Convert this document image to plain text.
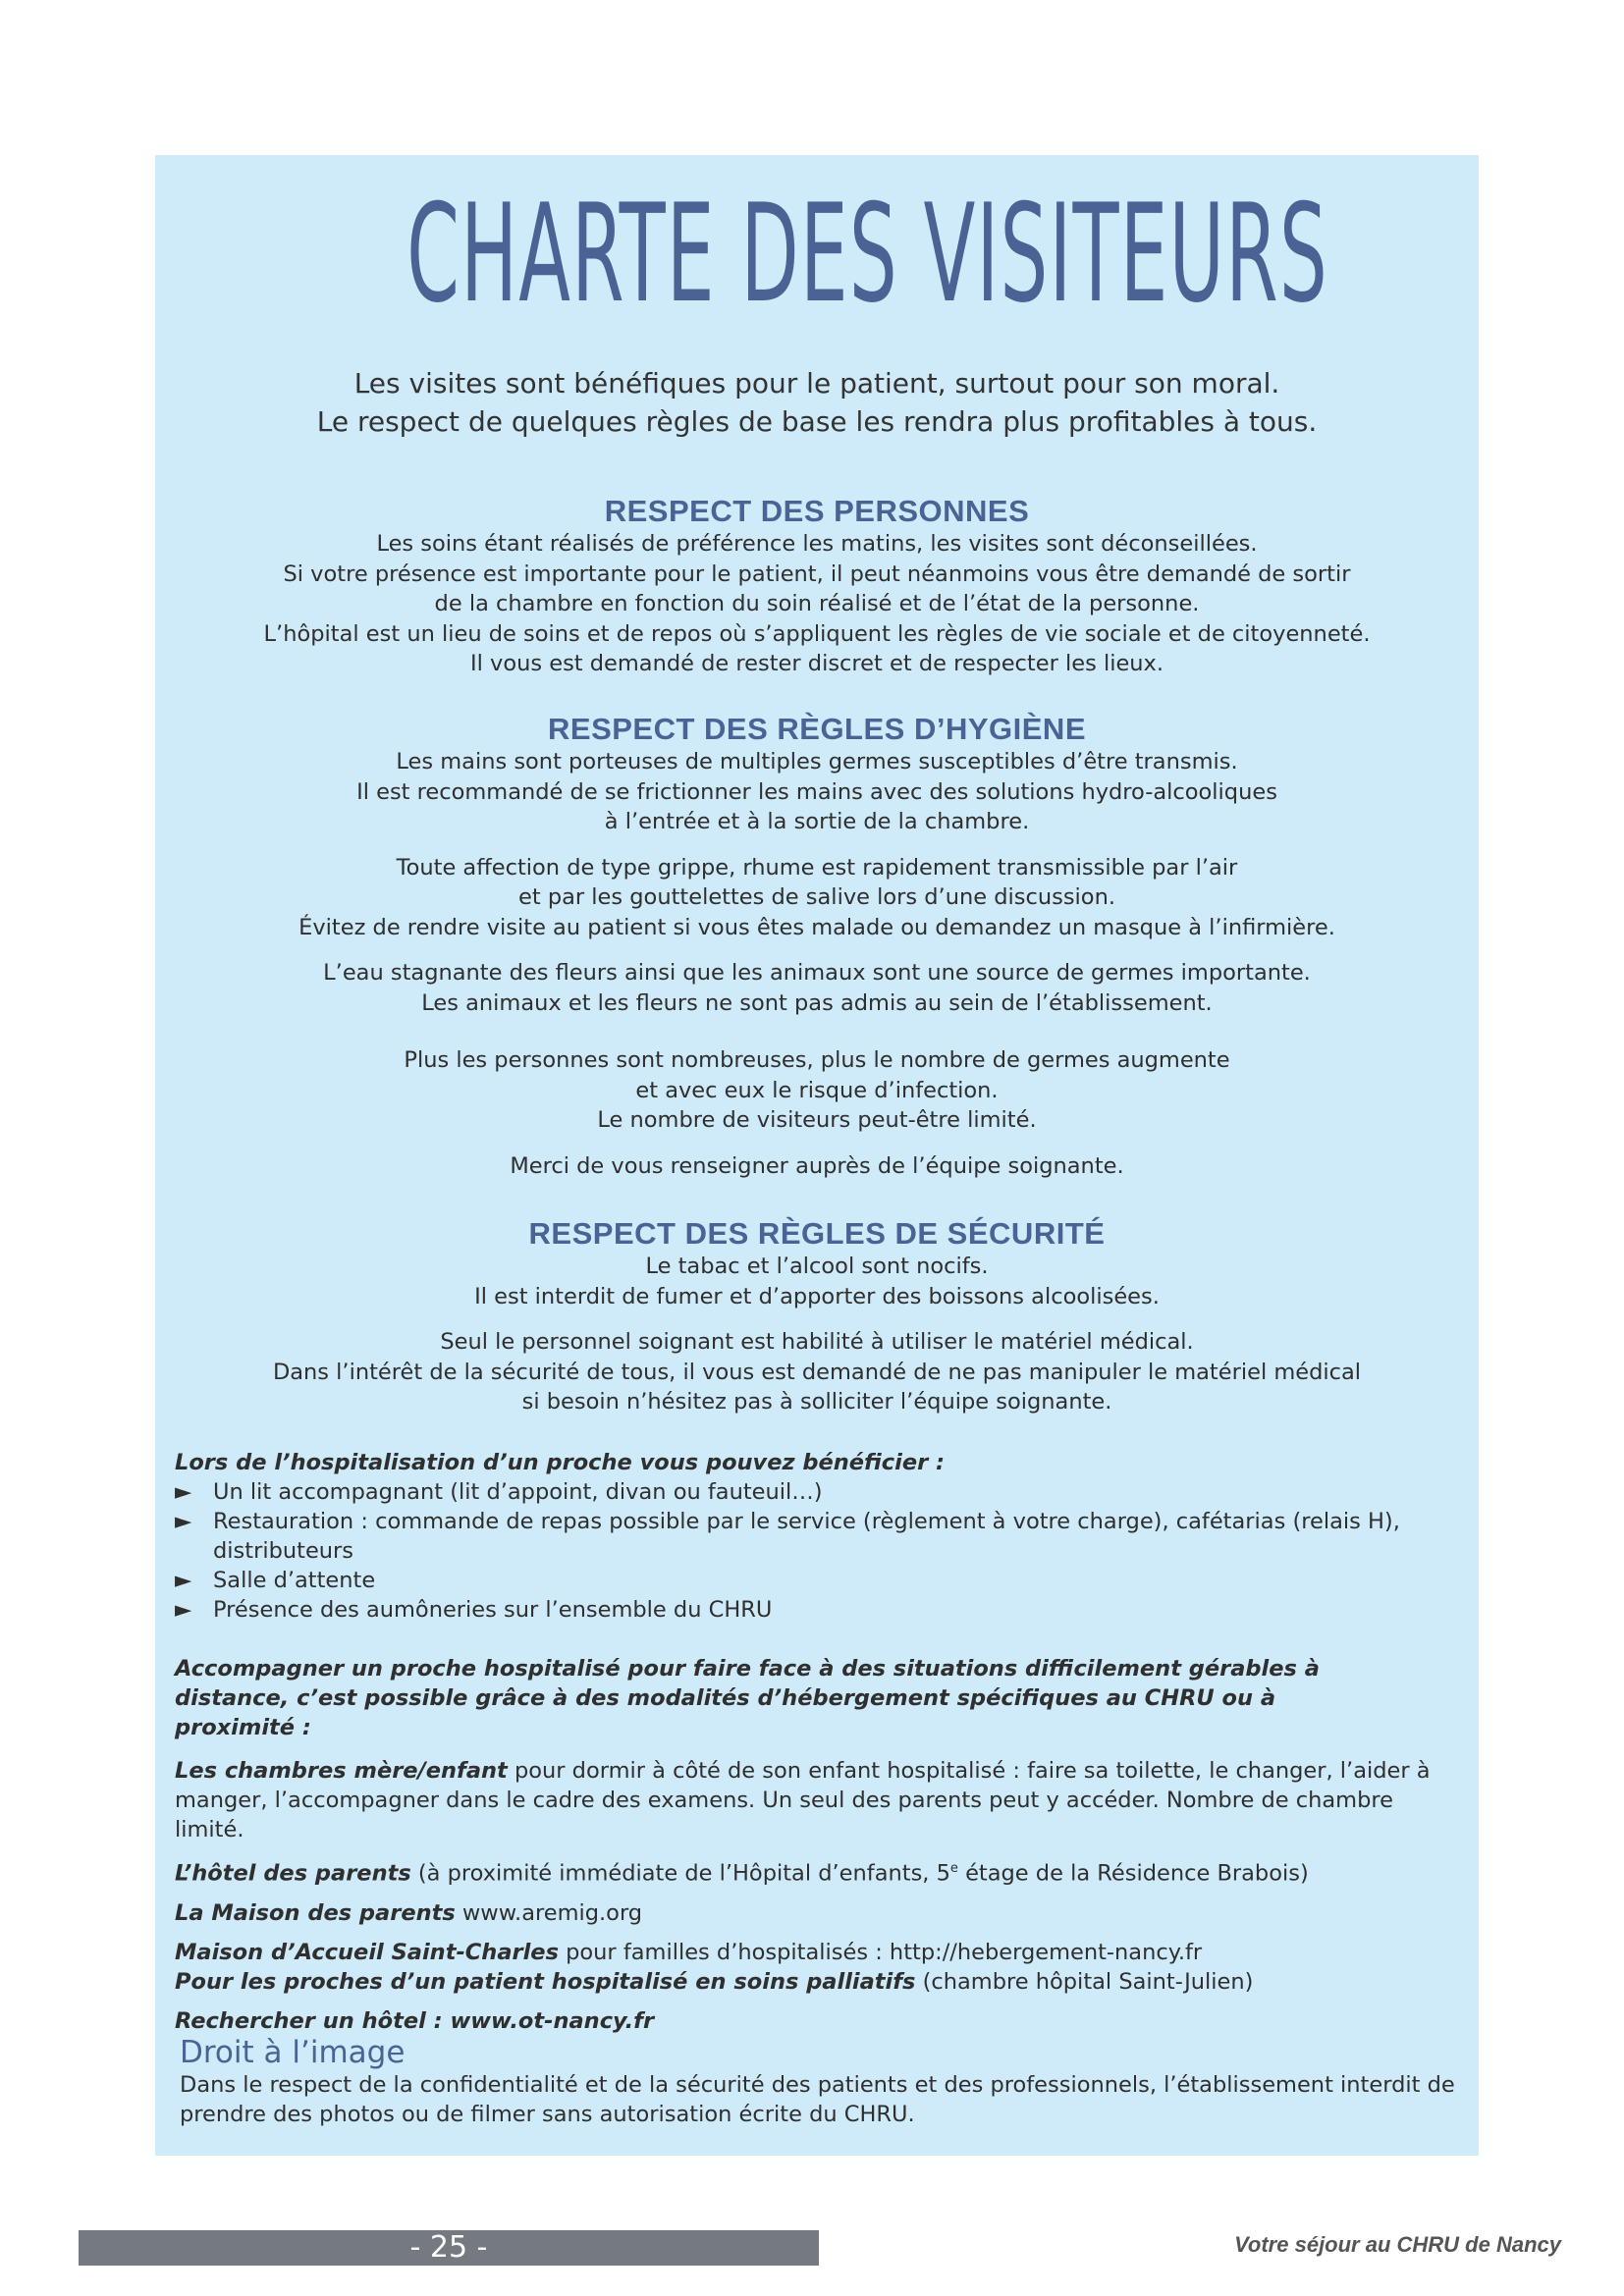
CHARTE DES VISITEURS
Les visites sont bénéfiques pour le patient, surtout pour son moral.
Le respect de quelques règles de base les rendra plus profitables à tous.
RESPECT DES PERSONNES
Les soins étant réalisés de préférence les matins, les visites sont déconseillées.
Si votre présence est importante pour le patient, il peut néanmoins vous être demandé de sortir
de la chambre en fonction du soin réalisé et de l’état de la personne.
L’hôpital est un lieu de soins et de repos où s’appliquent les règles de vie sociale et de citoyenneté.
Il vous est demandé de rester discret et de respecter les lieux.
RESPECT DES RÈGLES D’HYGIÈNE
Les mains sont porteuses de multiples germes susceptibles d’être transmis.
Il est recommandé de se frictionner les mains avec des solutions hydro-alcooliques
à l’entrée et à la sortie de la chambre.
Toute affection de type grippe, rhume est rapidement transmissible par l’air
et par les gouttelettes de salive lors d’une discussion.
Évitez de rendre visite au patient si vous êtes malade ou demandez un masque à l’infirmière.
L’eau stagnante des fleurs ainsi que les animaux sont une source de germes importante.
Les animaux et les fleurs ne sont pas admis au sein de l’établissement.
Plus les personnes sont nombreuses, plus le nombre de germes augmente
et avec eux le risque d’infection.
Le nombre de visiteurs peut-être limité.
Merci de vous renseigner auprès de l’équipe soignante.
RESPECT DES RÈGLES DE SÉCURITÉ
Le tabac et l’alcool sont nocifs.
Il est interdit de fumer et d’apporter des boissons alcoolisées.
Seul le personnel soignant est habilité à utiliser le matériel médical.
Dans l’intérêt de la sécurité de tous, il vous est demandé de ne pas manipuler le matériel médical
si besoin n’hésitez pas à solliciter l’équipe soignante.
Lors de l’hospitalisation d’un proche vous pouvez bénéficier :
► Un lit accompagnant (lit d’appoint, divan ou fauteuil…)
► Restauration : commande de repas possible par le service (règlement à votre charge), cafétarias (relais H), distributeurs
► Salle d’attente
► Présence des aumôneries sur l’ensemble du CHRU
Accompagner un proche hospitalisé pour faire face à des situations difficilement gérables à distance, c’est possible grâce à des modalités d’hébergement spécifiques au CHRU ou à proximité :
Les chambres mère/enfant pour dormir à côté de son enfant hospitalisé : faire sa toilette, le changer, l’aider à manger, l’accompagner dans le cadre des examens. Un seul des parents peut y accéder. Nombre de chambre limité.
L’hôtel des parents (à proximité immédiate de l’Hôpital d’enfants, 5e étage de la Résidence Brabois)
La Maison des parents www.aremig.org
Maison d’Accueil Saint-Charles pour familles d’hospitalisés : http://hebergement-nancy.fr
Pour les proches d’un patient hospitalisé en soins palliatifs (chambre hôpital Saint-Julien)
Rechercher un hôtel : www.ot-nancy.fr
Droit à l’image
Dans le respect de la confidentialité et de la sécurité des patients et des professionnels, l’établissement interdit de prendre des photos ou de filmer sans autorisation écrite du CHRU.
- 25 -	Votre séjour au CHRU de Nancy
